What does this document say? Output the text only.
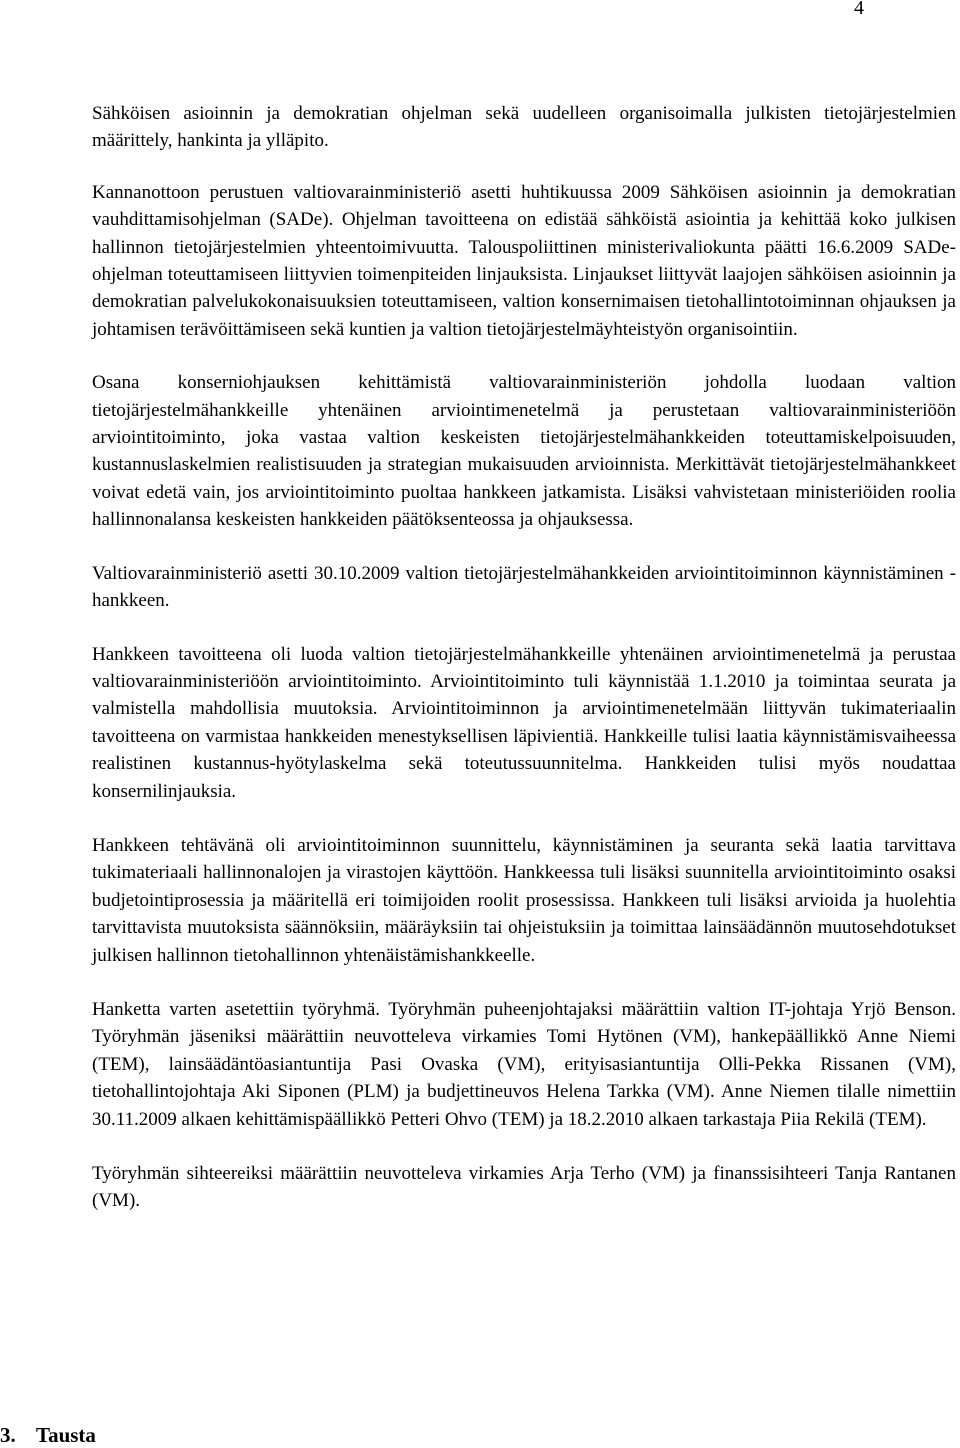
4

Sähköisen asioinnin ja demokratian ohjelman sekä uudelleen organisoimalla julkisten tietojärjestelmien määrittely, hankinta ja ylläpito.

Kannanottoon perustuen valtiovarainministeriö asetti huhtikuussa 2009 Sähköisen asioinnin ja demokratian vauhdittamisohjelman (SADe). Ohjelman tavoitteena on edistää sähköistä asiointia ja kehittää koko julkisen hallinnon tietojärjestelmien yhteentoimivuutta. Talouspoliittinen ministerivaliokunta päätti 16.6.2009 SADe-ohjelman toteuttamiseen liittyvien toimenpiteiden linjauksista. Linjaukset liittyvät laajojen sähköisen asioinnin ja demokratian palvelukokonaisuuksien toteuttamiseen, valtion konsernimaisen tietohallintotoiminnan ohjauksen ja johtamisen terävöittämiseen sekä kuntien ja valtion tietojärjestelmäyhteistyön organisointiin.

Osana konserniohjauksen kehittämistä valtiovarainministeriön johdolla luodaan valtion tietojärjestelmähankkeille yhtenäinen arviointimenetelmä ja perustetaan valtiovarainministeriöön arviointitoiminto, joka vastaa valtion keskeisten tietojärjestelmähankkeiden toteuttamiskelpoisuuden, kustannuslaskelmien realistisuuden ja strategian mukaisuuden arvioinnista. Merkittävät tietojärjestelmähankkeet voivat edetä vain, jos arviointitoiminto puoltaa hankkeen jatkamista. Lisäksi vahvistetaan ministeriöiden roolia hallinnonalansa keskeisten hankkeiden päätöksenteossa ja ohjauksessa.

Valtiovarainministeriö asetti 30.10.2009 valtion tietojärjestelmähankkeiden arviointitoiminnon käynnistäminen -hankkeen.

Hankkeen tavoitteena oli luoda valtion tietojärjestelmähankkeille yhtenäinen arviointimenetelmä ja perustaa valtiovarainministeriöön arviointitoiminto. Arviointitoiminto tuli käynnistää 1.1.2010 ja toimintaa seurata ja valmistella mahdollisia muutoksia. Arviointitoiminnon ja arviointimenetelmään liittyvän tukimateriaalin tavoitteena on varmistaa hankkeiden menestyksellisen läpivientiä. Hankkeille tulisi laatia käynnistämisvaiheessa realistinen kustannus-hyötylaskelma sekä toteutussuunnitelma. Hankkeiden tulisi myös noudattaa konsernilinjauksia.

Hankkeen tehtävänä oli arviointitoiminnon suunnittelu, käynnistäminen ja seuranta sekä laatia tarvittava tukimateriaali hallinnonalojen ja virastojen käyttöön. Hankkeessa tuli lisäksi suunnitella arviointitoiminto osaksi budjetointiprosessia ja määritellä eri toimijoiden roolit prosessissa. Hankkeen tuli lisäksi arvioida ja huolehtia tarvittavista muutoksista säännöksiin, määräyksiin tai ohjeistuksiin ja toimittaa lainsäädännön muutosehdotukset julkisen hallinnon tietohallinnon yhtenäistämishankkeelle.

Hanketta varten asetettiin työryhmä. Työryhmän puheenjohtajaksi määrättiin valtion IT-johtaja Yrjö Benson. Työryhmän jäseniksi määrättiin neuvotteleva virkamies Tomi Hytönen (VM), hankepäällikkö Anne Niemi (TEM), lainsäädäntöasiantuntija Pasi Ovaska (VM), erityisasiantuntija Olli-Pekka Rissanen (VM), tietohallintojohtaja Aki Siponen (PLM) ja budjettineuvos Helena Tarkka (VM). Anne Niemen tilalle nimettiin 30.11.2009 alkaen kehittämispäällikkö Petteri Ohvo (TEM) ja 18.2.2010 alkaen tarkastaja Piia Rekilä (TEM).

Työryhmän sihteereiksi määrättiin neuvotteleva virkamies Arja Terho (VM) ja finanssisihteeri Tanja Rantanen (VM).

3. Tausta
